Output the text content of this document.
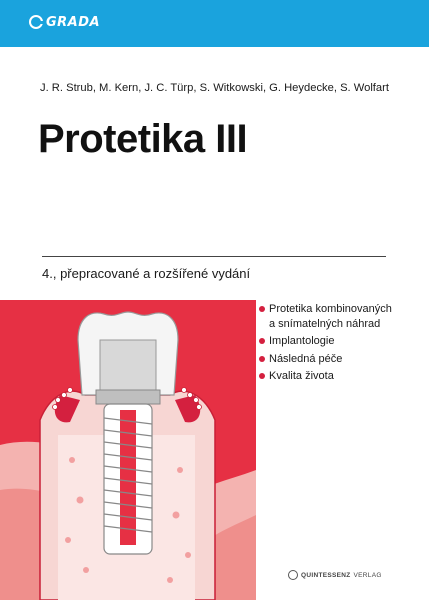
GRADA
J. R. Strub, M. Kern, J. C. Türp, S. Witkowski, G. Heydecke, S. Wolfart
Protetika III
4., přepracované a rozšířené vydání
Protetika kombinovaných
a snímatelných náhrad
Implantologie
Následná péče
Kvalita života
QUINTESSENZ VERLAG
